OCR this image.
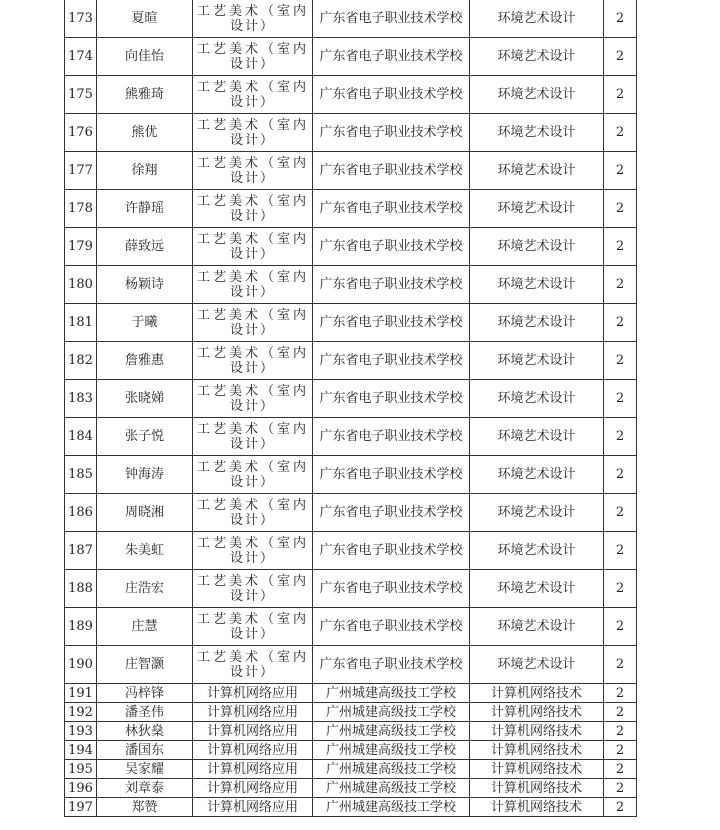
173	夏暄	工艺美术（室内设计）	广东省电子职业技术学校	环境艺术设计	2
174	向佳怡	工艺美术（室内设计）	广东省电子职业技术学校	环境艺术设计	2
175	熊雅琦	工艺美术（室内设计）	广东省电子职业技术学校	环境艺术设计	2
176	熊优	工艺美术（室内设计）	广东省电子职业技术学校	环境艺术设计	2
177	徐翔	工艺美术（室内设计）	广东省电子职业技术学校	环境艺术设计	2
178	许静瑶	工艺美术（室内设计）	广东省电子职业技术学校	环境艺术设计	2
179	薛致远	工艺美术（室内设计）	广东省电子职业技术学校	环境艺术设计	2
180	杨颖诗	工艺美术（室内设计）	广东省电子职业技术学校	环境艺术设计	2
181	于曦	工艺美术（室内设计）	广东省电子职业技术学校	环境艺术设计	2
182	詹雅惠	工艺美术（室内设计）	广东省电子职业技术学校	环境艺术设计	2
183	张晓娣	工艺美术（室内设计）	广东省电子职业技术学校	环境艺术设计	2
184	张子悦	工艺美术（室内设计）	广东省电子职业技术学校	环境艺术设计	2
185	钟海涛	工艺美术（室内设计）	广东省电子职业技术学校	环境艺术设计	2
186	周晓湘	工艺美术（室内设计）	广东省电子职业技术学校	环境艺术设计	2
187	朱美虹	工艺美术（室内设计）	广东省电子职业技术学校	环境艺术设计	2
188	庄浩宏	工艺美术（室内设计）	广东省电子职业技术学校	环境艺术设计	2
189	庄慧	工艺美术（室内设计）	广东省电子职业技术学校	环境艺术设计	2
190	庄智灏	工艺美术（室内设计）	广东省电子职业技术学校	环境艺术设计	2
191	冯梓锋	计算机网络应用	广州城建高级技工学校	计算机网络技术	2
192	潘圣伟	计算机网络应用	广州城建高级技工学校	计算机网络技术	2
193	林狄燊	计算机网络应用	广州城建高级技工学校	计算机网络技术	2
194	潘国东	计算机网络应用	广州城建高级技工学校	计算机网络技术	2
195	吴家耀	计算机网络应用	广州城建高级技工学校	计算机网络技术	2
196	刘章泰	计算机网络应用	广州城建高级技工学校	计算机网络技术	2
197	郑赞	计算机网络应用	广州城建高级技工学校	计算机网络技术	2
